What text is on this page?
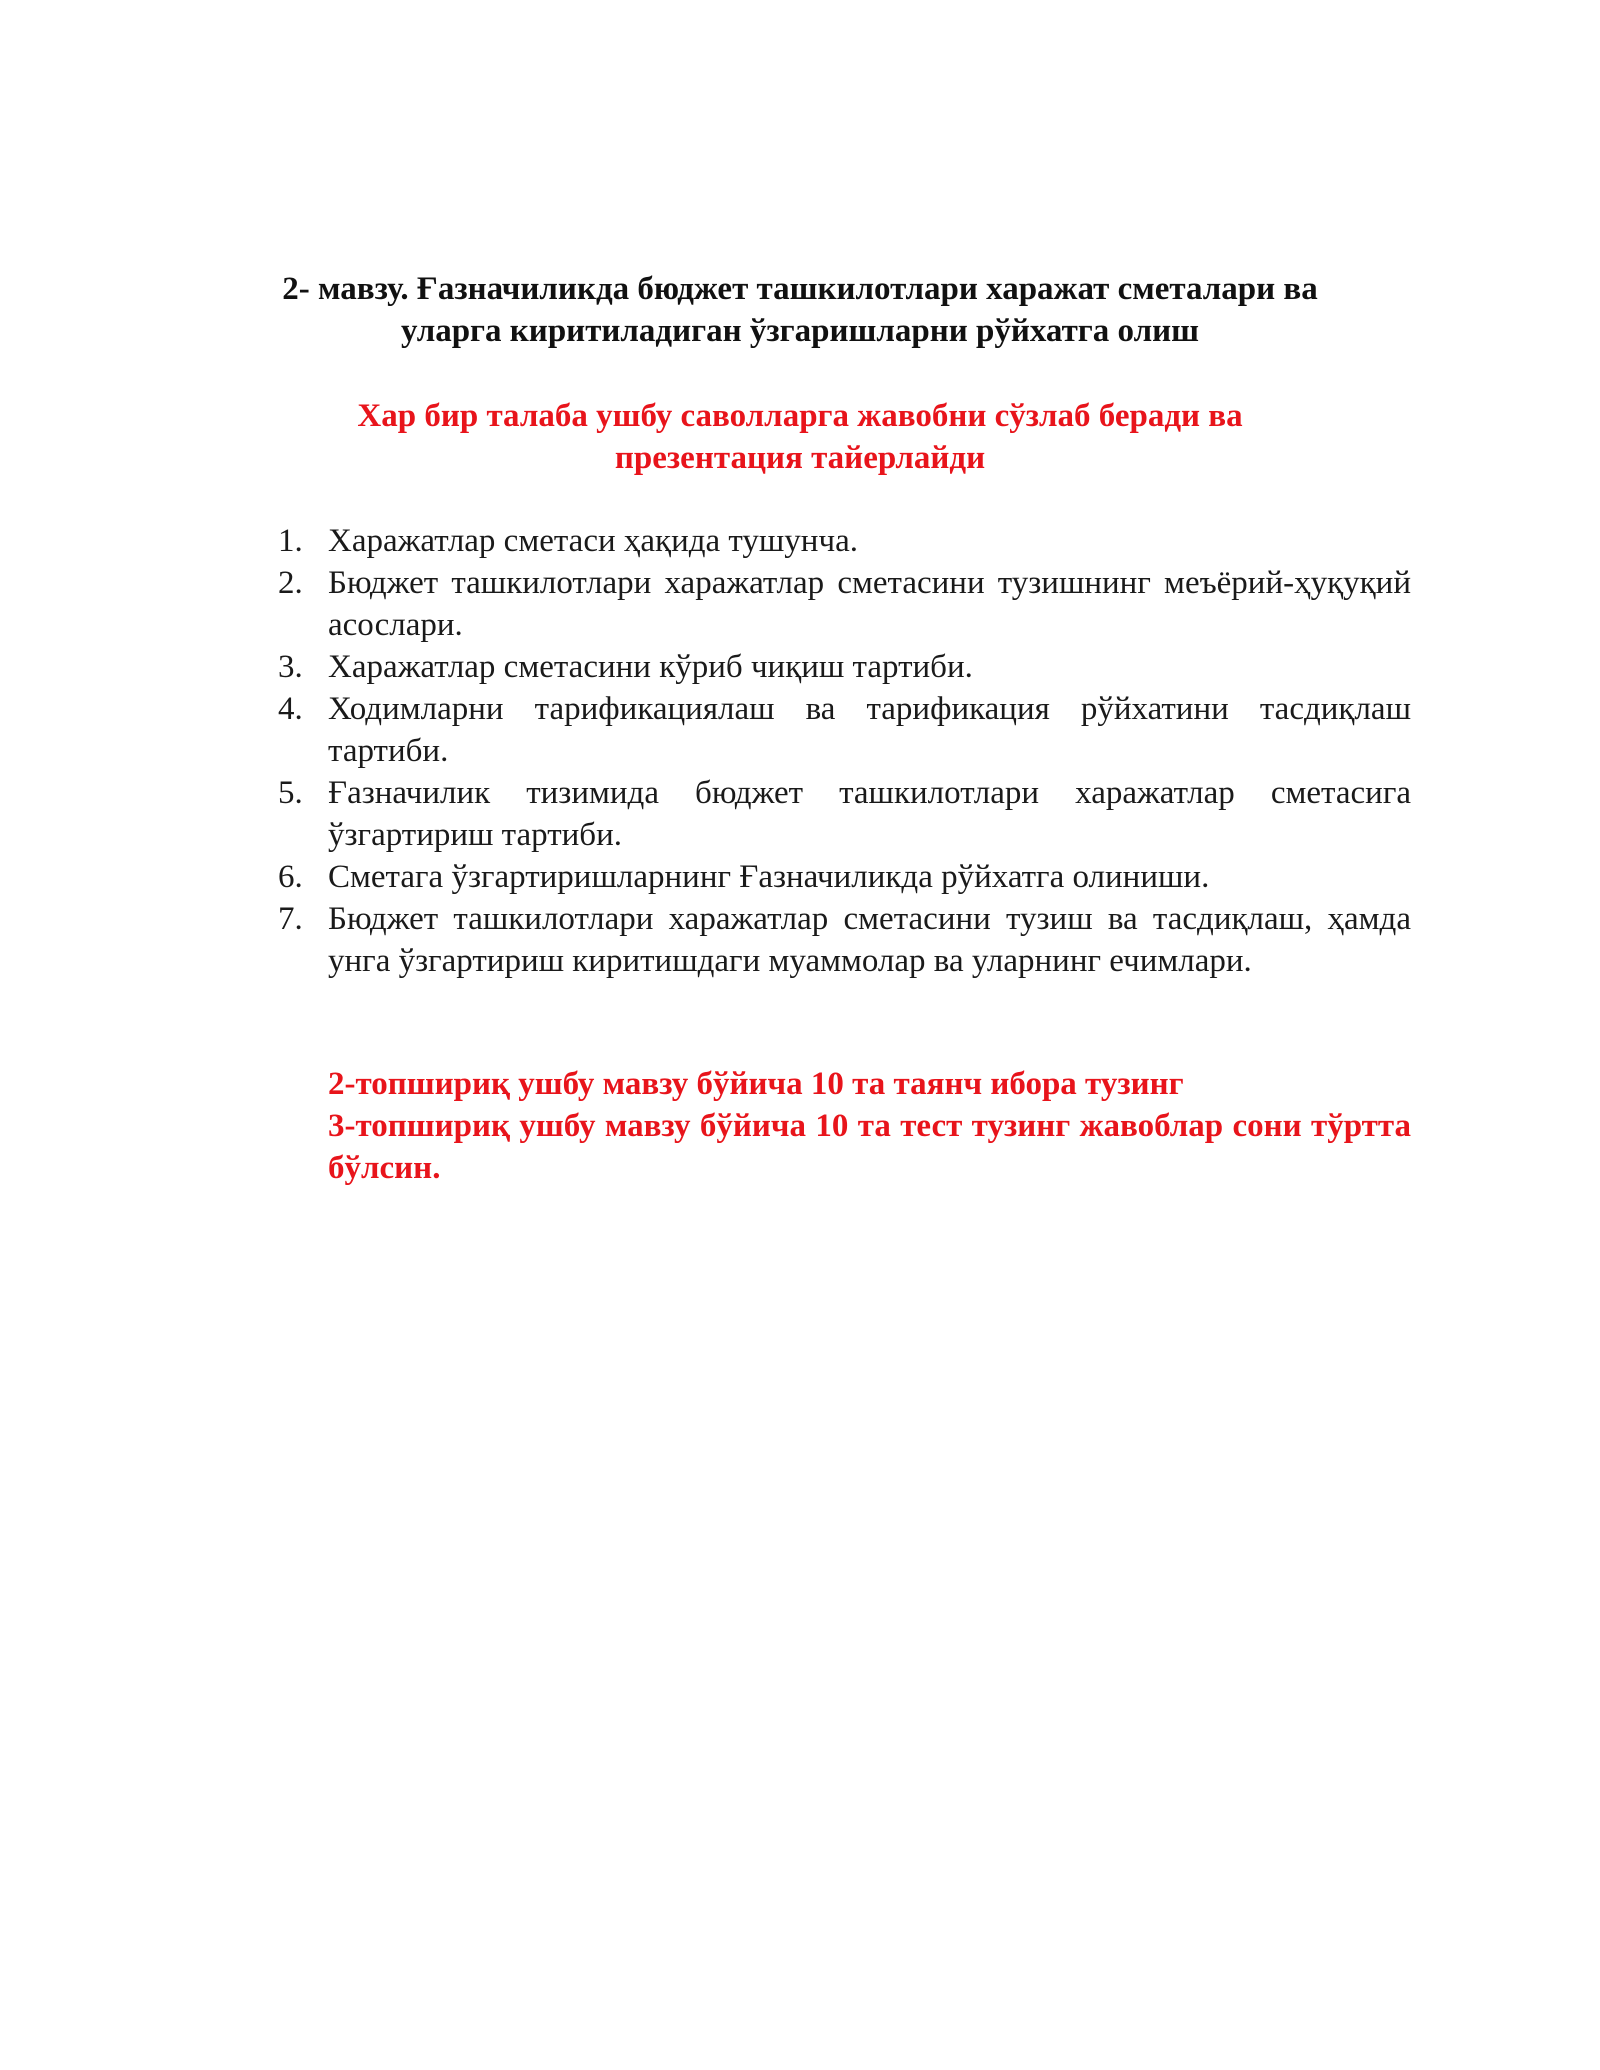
2- мавзу. Ғазначиликда бюджет ташкилотлари харажат сметалари ва
уларга киритиладиган ўзгаришларни рўйхатга олиш

Хар бир талаба ушбу саволларга жавобни сўзлаб беради ва
презентация тайерлайди

1. Харажатлар сметаси ҳақида тушунча.
2. Бюджет ташкилотлари харажатлар сметасини тузишнинг меъёрий-ҳуқуқий асослари.
3. Харажатлар сметасини кўриб чиқиш тартиби.
4. Ходимларни тарификациялаш ва тарификация рўйхатини тасдиқлаш тартиби.
5. Ғазначилик тизимида бюджет ташкилотлари харажатлар сметасига ўзгартириш тартиби.
6. Сметага ўзгартиришларнинг Ғазначиликда рўйхатга олиниши.
7. Бюджет ташкилотлари харажатлар сметасини тузиш ва тасдиқлаш, ҳамда унга ўзгартириш киритишдаги муаммолар ва уларнинг ечимлари.

2-топшириқ ушбу мавзу бўйича 10 та таянч ибора тузинг

3-топшириқ ушбу мавзу бўйича 10 та тест тузинг жавоблар сони тўртта бўлсин.
